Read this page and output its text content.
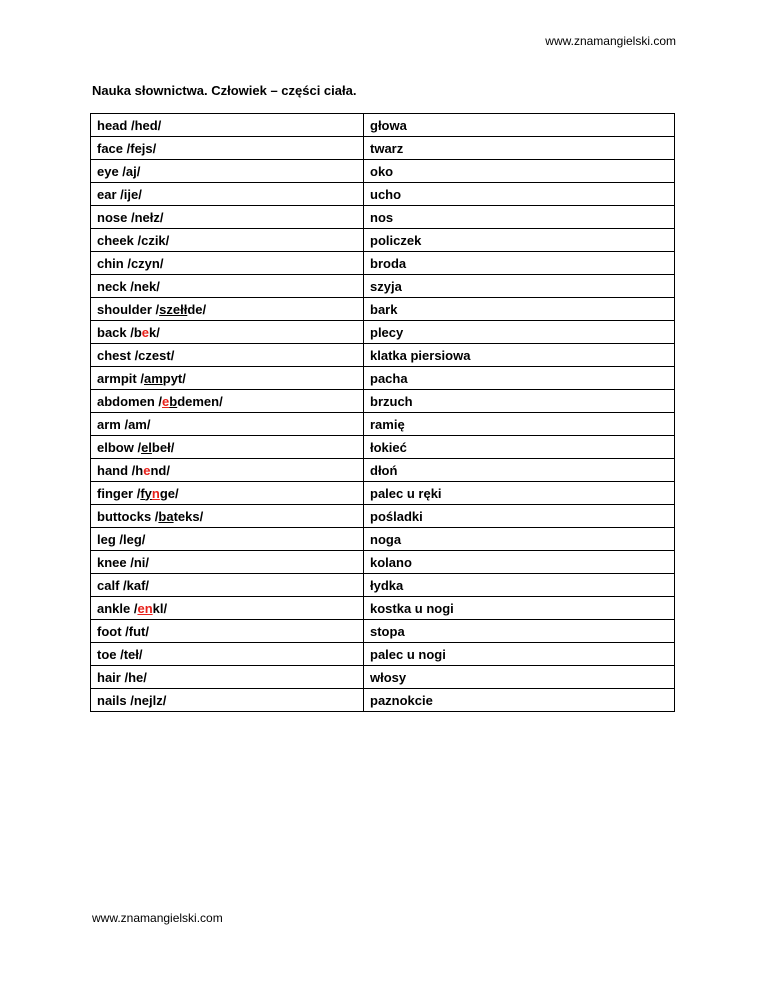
www.znamangielski.com
Nauka słownictwa. Człowiek – części ciała.
head /hed/	głowa
face /fejs/	twarz
eye /aj/	oko
ear /ije/	ucho
nose /nełz/	nos
cheek /czik/	policzek
chin /czyn/	broda
neck /nek/	szyja
shoulder /szełłde/	bark
back /bek/	plecy
chest /czest/	klatka piersiowa
armpit /ampyt/	pacha
abdomen /ebdemen/	brzuch
arm /am/	ramię
elbow /elbeł/	łokieć
hand /hend/	dłoń
finger /fynge/	palec u ręki
buttocks /bateks/	pośladki
leg /leg/	noga
knee /ni/	kolano
calf /kaf/	łydka
ankle /enkl/	kostka u nogi
foot /fut/	stopa
toe /teł/	palec u nogi
hair /he/	włosy
nails /nejlz/	paznokcie
www.znamangielski.com
